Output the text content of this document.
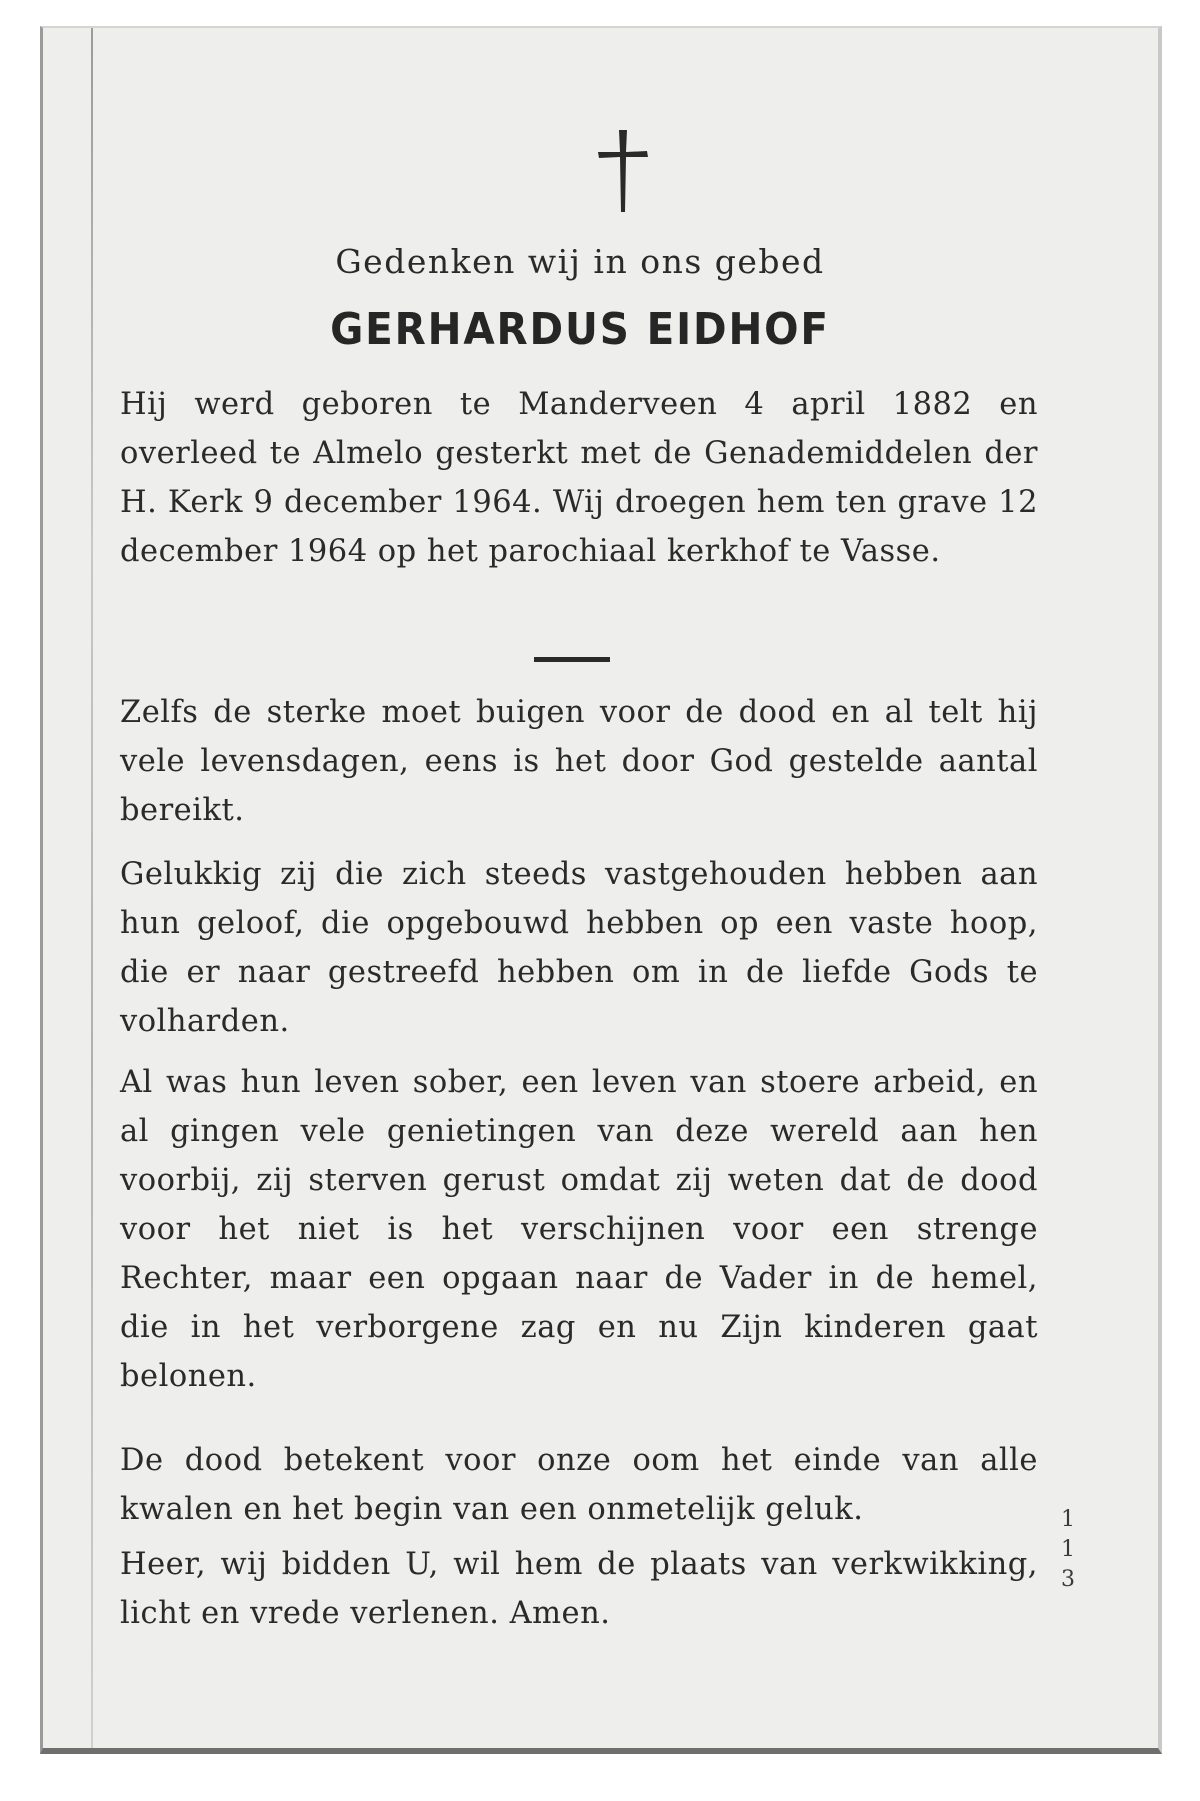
Gedenken wij in ons gebed
GERHARDUS EIDHOF
Hij werd geboren te Manderveen 4 april 1882 en overleed te Almelo gesterkt met de Genademiddelen der H. Kerk 9 december 1964. Wij droegen hem ten grave 12 december 1964 op het parochiaal kerkhof te Vasse.
Zelfs de sterke moet buigen voor de dood en al telt hij vele levensdagen, eens is het door God gestelde aantal bereikt.
Gelukkig zij die zich steeds vastgehouden hebben aan hun geloof, die opgebouwd hebben op een vaste hoop, die er naar gestreefd hebben om in de liefde Gods te volharden.
Al was hun leven sober, een leven van stoere arbeid, en al gingen vele genietingen van deze wereld aan hen voorbij, zij sterven gerust omdat zij weten dat de dood voor het niet is het verschijnen voor een strenge Rechter, maar een opgaan naar de Vader in de hemel, die in het verborgene zag en nu Zijn kinderen gaat belonen.
De dood betekent voor onze oom het einde van alle kwalen en het begin van een onmetelijk geluk.
Heer, wij bidden U, wil hem de plaats van verkwikking, licht en vrede verlenen. Amen.
1
1
3
